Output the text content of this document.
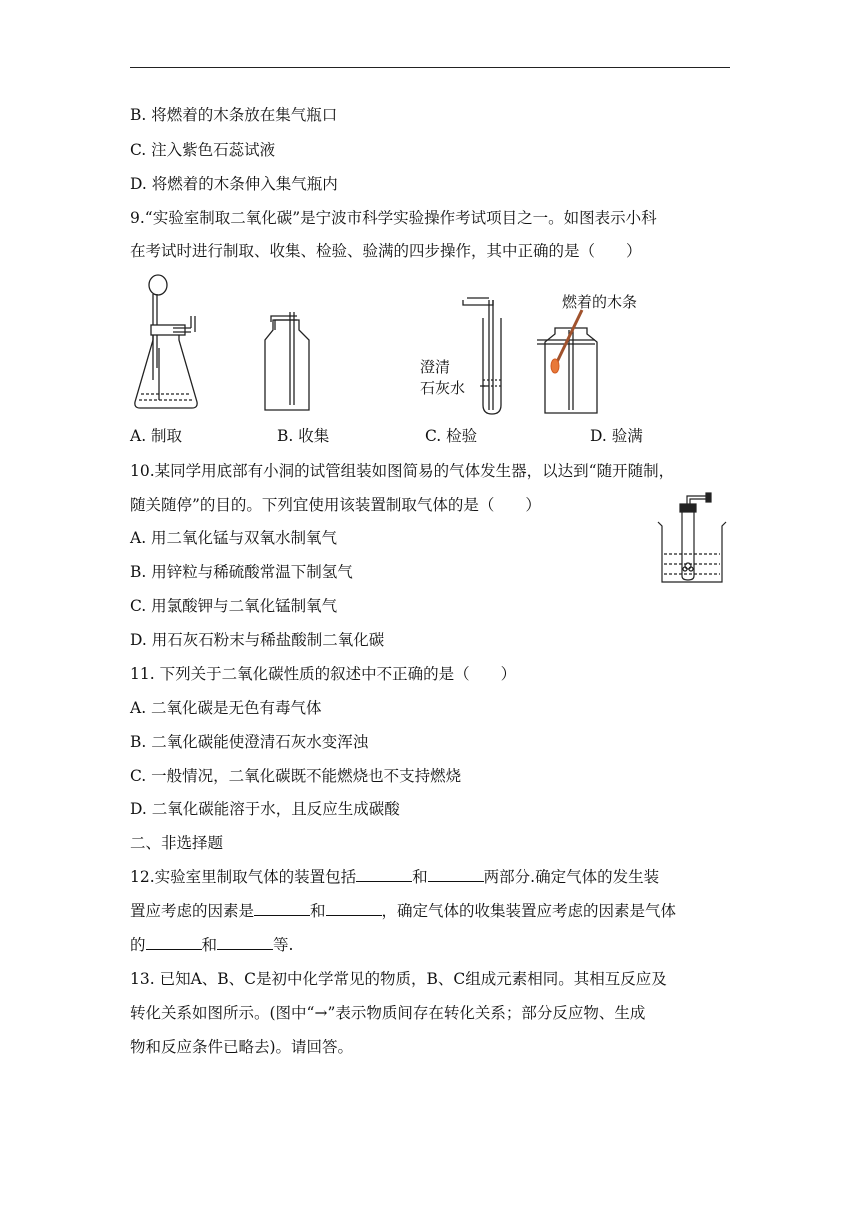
B. 将燃着的木条放在集气瓶口
C. 注入紫色石蕊试液
D. 将燃着的木条伸入集气瓶内
9.“实验室制取二氧化碳”是宁波市科学实验操作考试项目之一。如图表示小科
在考试时进行制取、收集、检验、验满的四步操作，其中正确的是（　　）
澄清
石灰水
燃着的木条
A. 制取	B. 收集	C. 检验	D. 验满
10.某同学用底部有小洞的试管组装如图简易的气体发生器，以达到“随开随制，
随关随停”的目的。下列宜使用该装置制取气体的是（　　）
A. 用二氧化锰与双氧水制氧气
B. 用锌粒与稀硫酸常温下制氢气
C. 用氯酸钾与二氧化锰制氧气
D. 用石灰石粉末与稀盐酸制二氧化碳
11. 下列关于二氧化碳性质的叙述中不正确的是（　　）
A. 二氧化碳是无色有毒气体
B. 二氧化碳能使澄清石灰水变浑浊
C. 一般情况，二氧化碳既不能燃烧也不支持燃烧
D. 二氧化碳能溶于水，且反应生成碳酸
二、非选择题
12.实验室里制取气体的装置包括	和	两部分.确定气体的发生装
置应考虑的因素是	和	，确定气体的收集装置应考虑的因素是气体
的	和	等.
13. 已知A、B、C是初中化学常见的物质，B、C组成元素相同。其相互反应及
转化关系如图所示。(图中“→”表示物质间存在转化关系；部分反应物、生成
物和反应条件已略去)。请回答。
